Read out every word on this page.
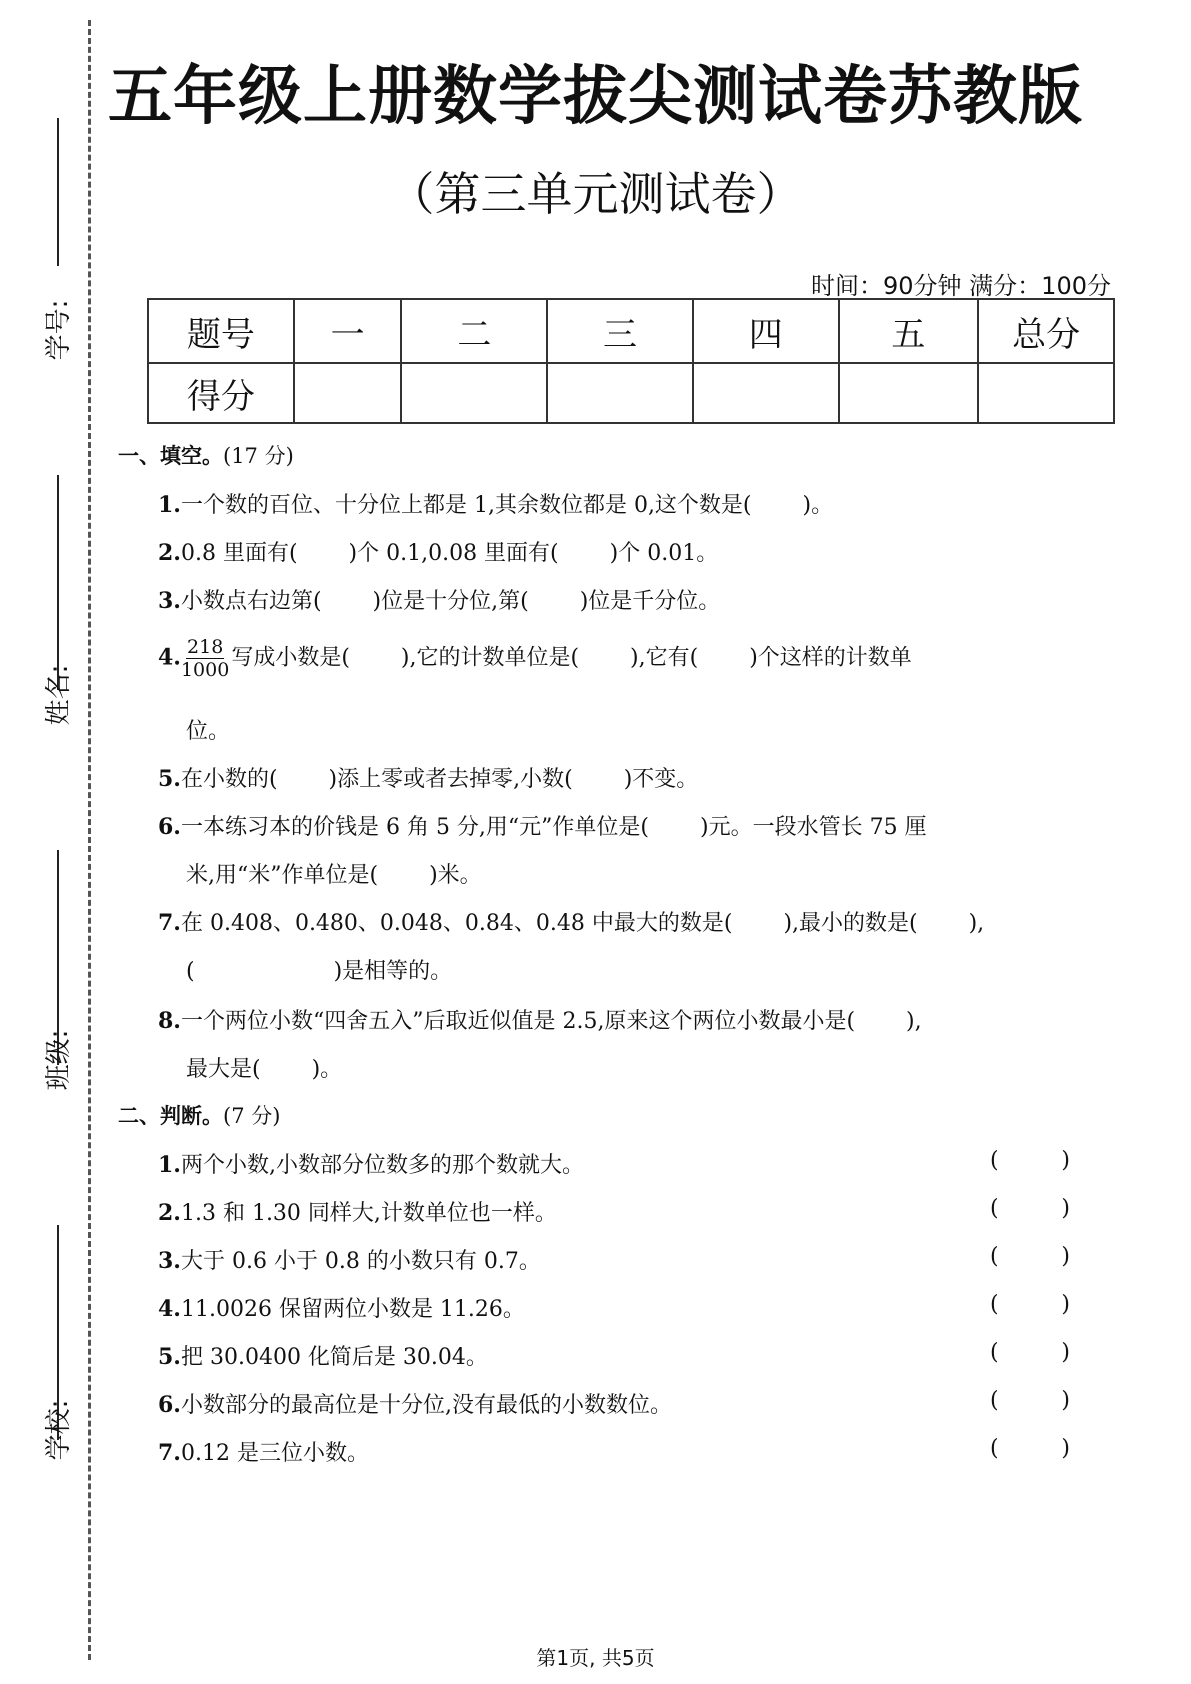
学号:
姓名:
班级:
学校:
五年级上册数学拔尖测试卷苏教版
（第三单元测试卷）
时间：90分钟 满分：100分
题号	一	二	三	四	五	总分
得分						
一、填空。(17 分)
1.一个数的百位、十分位上都是 1,其余数位都是 0,这个数是(　　 )。
2.0.8 里面有(　　 )个 0.1,0.08 里面有(　　 )个 0.01。
3.小数点右边第(　　 )位是十分位,第(　　 )位是千分位。
4. $\frac{218}{1000}$ 写成小数是(　　 ),它的计数单位是(　　 ),它有(　　 )个这样的计数单
位。
5.在小数的(　　 )添上零或者去掉零,小数(　　 )不变。
6.一本练习本的价钱是 6 角 5 分,用“元”作单位是(　　 )元。一段水管长 75 厘
米,用“米”作单位是(　　 )米。
7.在 0.408、0.480、0.048、0.84、0.48 中最大的数是(　　 ),最小的数是(　　 ),
(　　　　　　 )是相等的。
8.一个两位小数“四舍五入”后取近似值是 2.5,原来这个两位小数最小是(　　 ),
最大是(　　 )。
二、判断。(7 分)
1.两个小数,小数部分位数多的那个数就大。	(	)
2.1.3 和 1.30 同样大,计数单位也一样。	(	)
3.大于 0.6 小于 0.8 的小数只有 0.7。	(	)
4.11.0026 保留两位小数是 11.26。	(	)
5.把 30.0400 化简后是 30.04。	(	)
6.小数部分的最高位是十分位,没有最低的小数数位。	(	)
7.0.12 是三位小数。	(	)
第1页, 共5页
